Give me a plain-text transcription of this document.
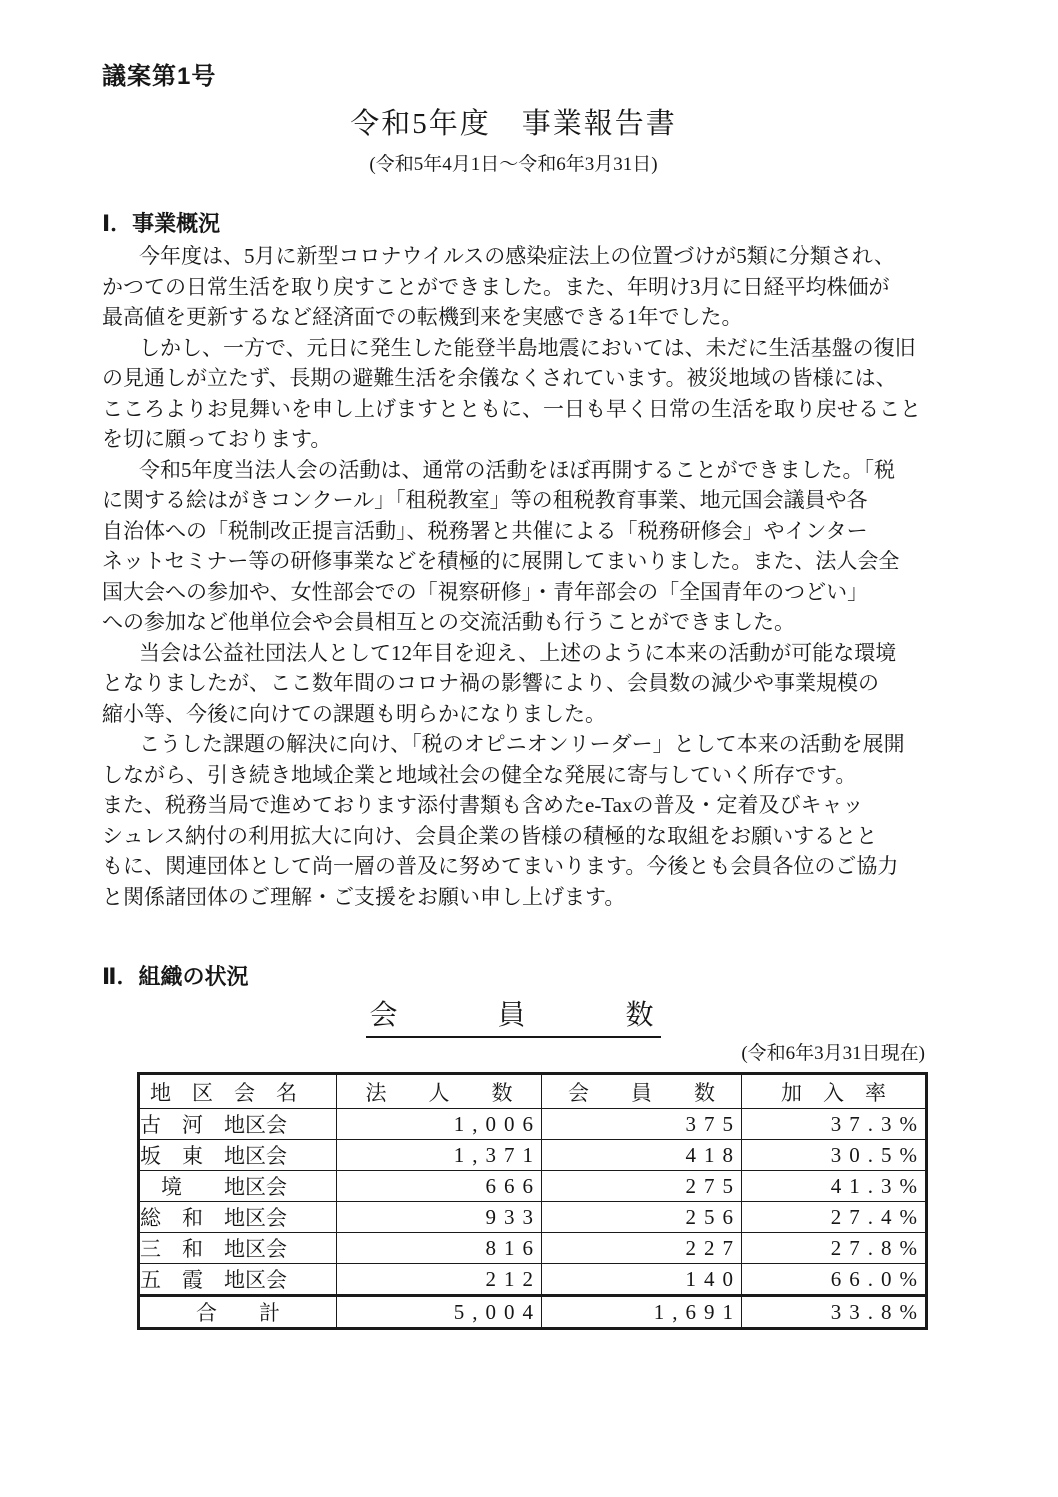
議案第1号
令和5年度　事業報告書
(令和5年4月1日～令和6年3月31日)
Ⅰ．事業概況
　今年度は、5月に新型コロナウイルスの感染症法上の位置づけが5類に分類され、
かつての日常生活を取り戻すことができました。また、年明け3月に日経平均株価が
最高値を更新するなど経済面での転機到来を実感できる1年でした。
　しかし、一方で、元日に発生した能登半島地震においては、未だに生活基盤の復旧
の見通しが立たず、長期の避難生活を余儀なくされています。被災地域の皆様には、
こころよりお見舞いを申し上げますとともに、一日も早く日常の生活を取り戻せること
を切に願っております。
　令和5年度当法人会の活動は、通常の活動をほぼ再開することができました。「税
に関する絵はがきコンクール」「租税教室」等の租税教育事業、地元国会議員や各
自治体への「税制改正提言活動」、税務署と共催による「税務研修会」やインター
ネットセミナー等の研修事業などを積極的に展開してまいりました。また、法人会全
国大会への参加や、女性部会での「視察研修」・青年部会の「全国青年のつどい」
への参加など他単位会や会員相互との交流活動も行うことができました。
　当会は公益社団法人として12年目を迎え、上述のように本来の活動が可能な環境
となりましたが、ここ数年間のコロナ禍の影響により、会員数の減少や事業規模の
縮小等、今後に向けての課題も明らかになりました。
　こうした課題の解決に向け、「税のオピニオンリーダー」として本来の活動を展開
しながら、引き続き地域企業と地域社会の健全な発展に寄与していく所存です。
また、税務当局で進めております添付書類も含めたe-Taxの普及・定着及びキャッ
シュレス納付の利用拡大に向け、会員企業の皆様の積極的な取組をお願いするとと
もに、関連団体として尚一層の普及に努めてまいります。今後とも会員各位のご協力
と関係諸団体のご理解・ご支援をお願い申し上げます。
Ⅱ．組織の状況
会　　　員　　　数
(令和6年3月31日現在)
地　区　会　名	法　　人　　数	会　　員　　数	加　入　率
古　河　地区会	1,006	375	37.3%
坂　東　地区会	1,371	418	30.5%
　境　　地区会	666	275	41.3%
総　和　地区会	933	256	27.4%
三　和　地区会	816	227	27.8%
五　霞　地区会	212	140	66.0%
合　　計	5,004	1,691	33.8%
